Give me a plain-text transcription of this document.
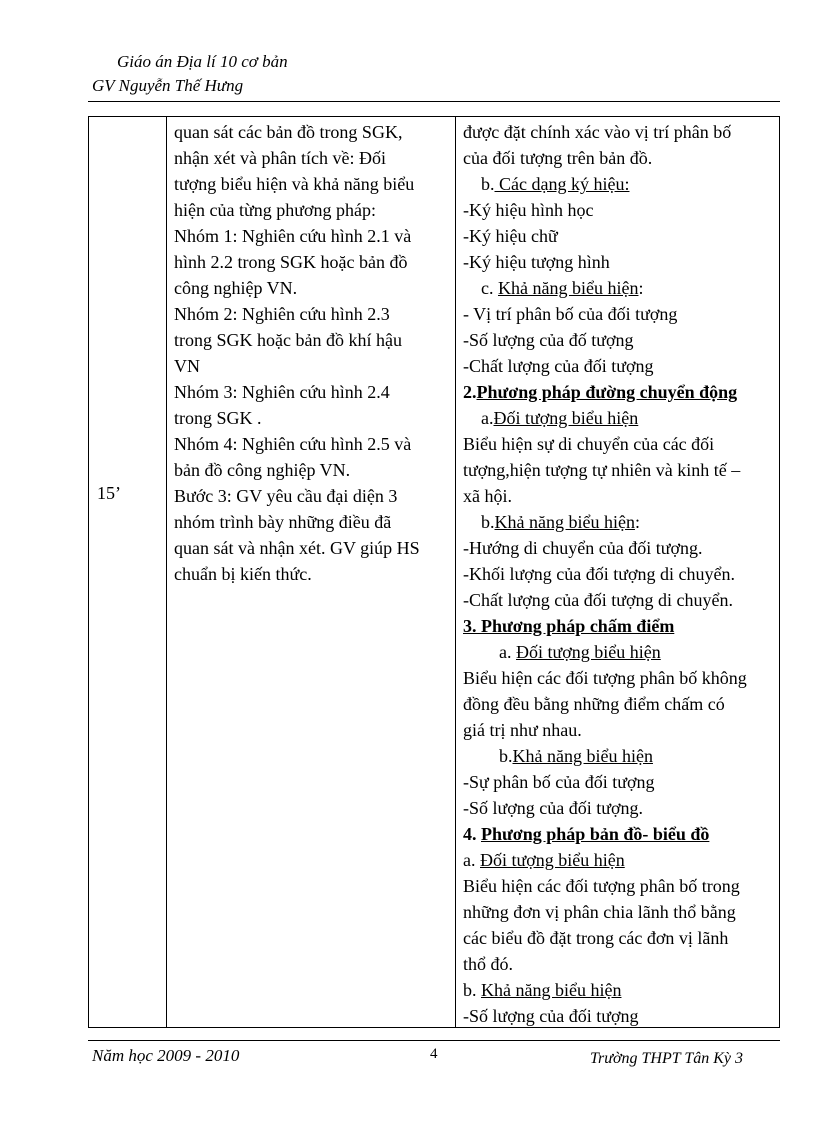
Giáo án Địa lí 10 cơ bản
GV Nguyễn Thế Hưng
15’
quan sát các bản đồ trong SGK,
nhận xét và phân tích về: Đối
tượng biểu hiện và khả năng biểu
hiện của từng phương pháp:
Nhóm 1: Nghiên cứu hình 2.1 và
hình 2.2 trong SGK hoặc bản đồ
công nghiệp VN.
Nhóm 2: Nghiên cứu hình 2.3
trong SGK hoặc bản đồ khí hậu
VN
Nhóm 3: Nghiên cứu hình 2.4
trong SGK .
Nhóm 4: Nghiên cứu hình 2.5 và
bản đồ công nghiệp VN.
Bước 3: GV yêu cầu đại diện 3
nhóm trình bày những điều đã
quan sát và nhận xét. GV giúp HS
chuẩn bị kiến thức.
được đặt chính xác vào vị trí phân bố
của đối tượng trên bản đồ.
b. Các dạng ký hiệu:
-Ký hiệu hình học
-Ký hiệu chữ
-Ký hiệu tượng hình
c. Khả năng biểu hiện:
- Vị trí phân bố của đối tượng
-Số lượng của đố tượng
-Chất lượng của đối tượng
2.Phương pháp đường chuyển động
a.Đối tượng biểu hiện
Biểu hiện sự di chuyển của các đối
tượng,hiện tượng tự nhiên và kinh tế –
xã hội.
b.Khả năng biểu hiện:
-Hướng di chuyển của đối tượng.
-Khối lượng của đối tượng di chuyển.
-Chất lượng của đối tượng di chuyển.
3. Phương pháp chấm điểm
a. Đối tượng biểu hiện
Biểu hiện các đối tượng phân bố không
đồng đều bằng những điểm chấm có
giá trị như nhau.
b.Khả năng biểu hiện
-Sự phân bố của đối tượng
-Số lượng của đối tượng.
4. Phương pháp bản đồ- biểu đồ
a. Đối tượng biểu hiện
Biểu hiện các đối tượng phân bố trong
những đơn vị phân chia lãnh thổ bằng
các biểu đồ đặt trong các đơn vị lãnh
thổ đó.
b. Khả năng biểu hiện
-Số lượng của đối tượng
Năm học 2009 - 2010	4	Trường THPT Tân Kỳ 3
